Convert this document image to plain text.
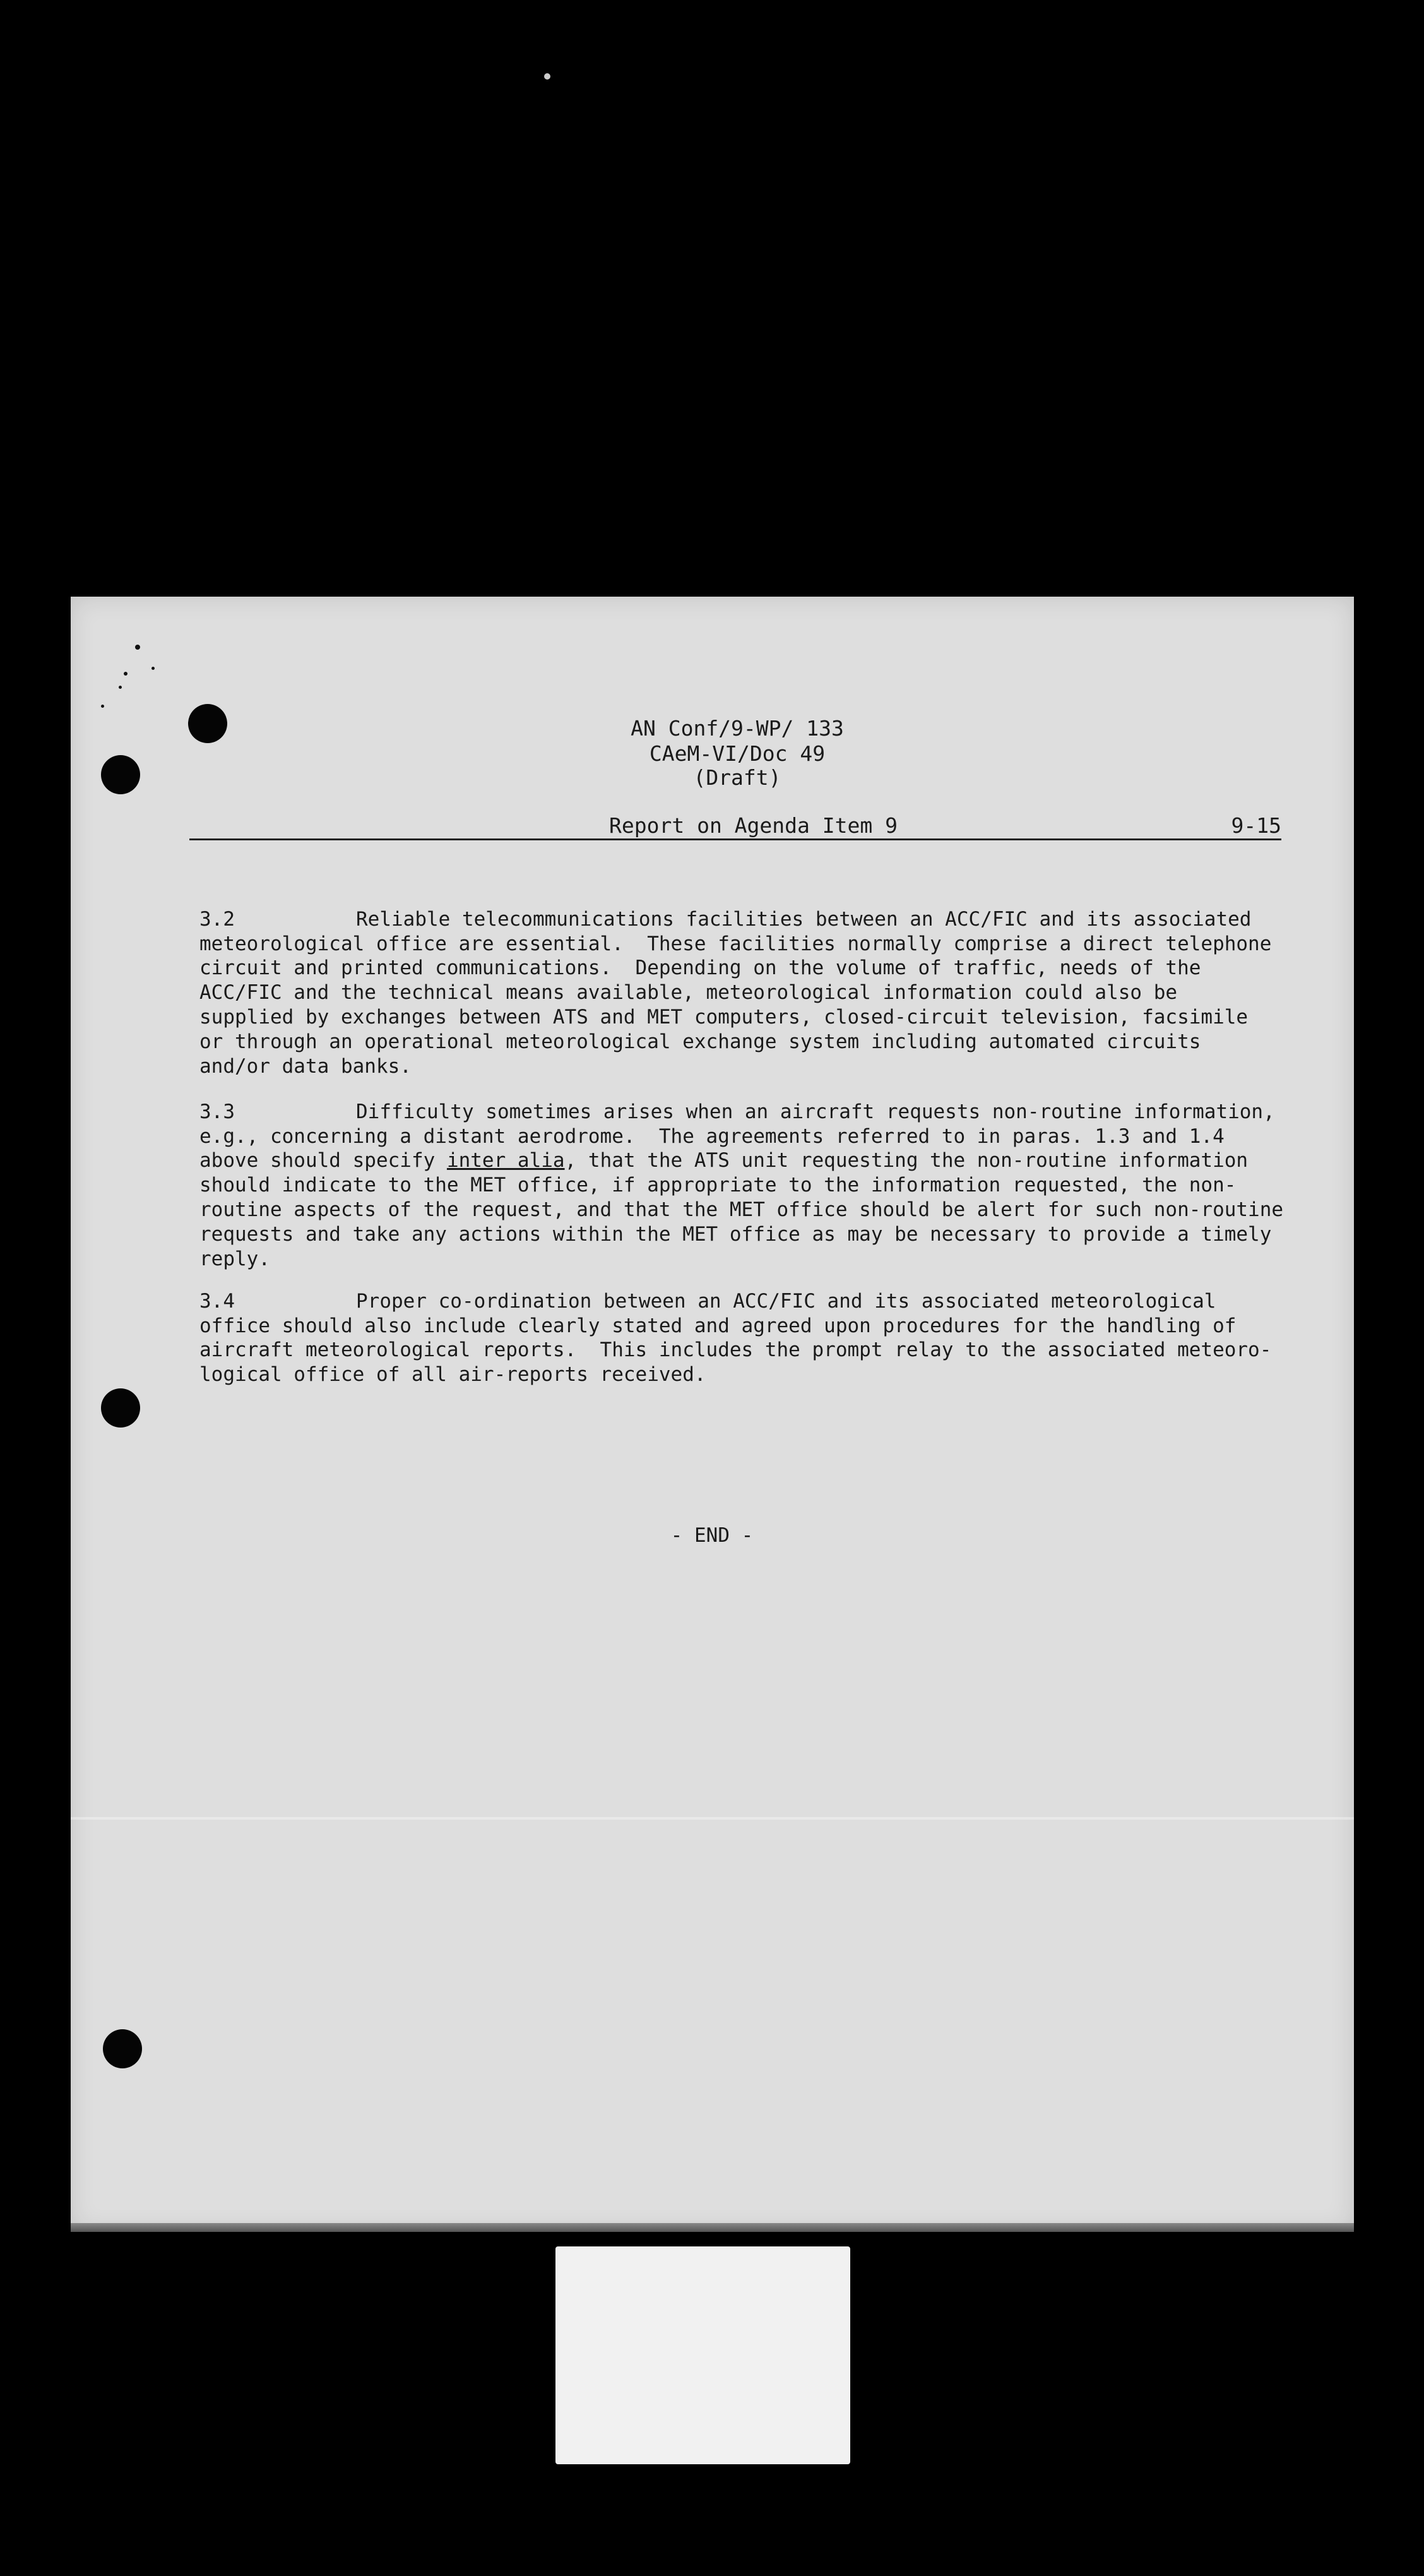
AN Conf/9-WP/ 133
CAeM-VI/Doc 49
(Draft)
Report on Agenda Item 9	9-15

3.2	Reliable telecommunications facilities between an ACC/FIC and its associated
meteorological office are essential.  These facilities normally comprise a direct telephone
circuit and printed communications.  Depending on the volume of traffic, needs of the
ACC/FIC and the technical means available, meteorological information could also be
supplied by exchanges between ATS and MET computers, closed-circuit television, facsimile
or through an operational meteorological exchange system including automated circuits
and/or data banks.

3.3	Difficulty sometimes arises when an aircraft requests non-routine information,
e.g., concerning a distant aerodrome.  The agreements referred to in paras. 1.3 and 1.4
above should specify inter alia, that the ATS unit requesting the non-routine information
should indicate to the MET office, if appropriate to the information requested, the non-
routine aspects of the request, and that the MET office should be alert for such non-routine
requests and take any actions within the MET office as may be necessary to provide a timely
reply.

3.4	Proper co-ordination between an ACC/FIC and its associated meteorological
office should also include clearly stated and agreed upon procedures for the handling of
aircraft meteorological reports.  This includes the prompt relay to the associated meteoro-
logical office of all air-reports received.

- END -
